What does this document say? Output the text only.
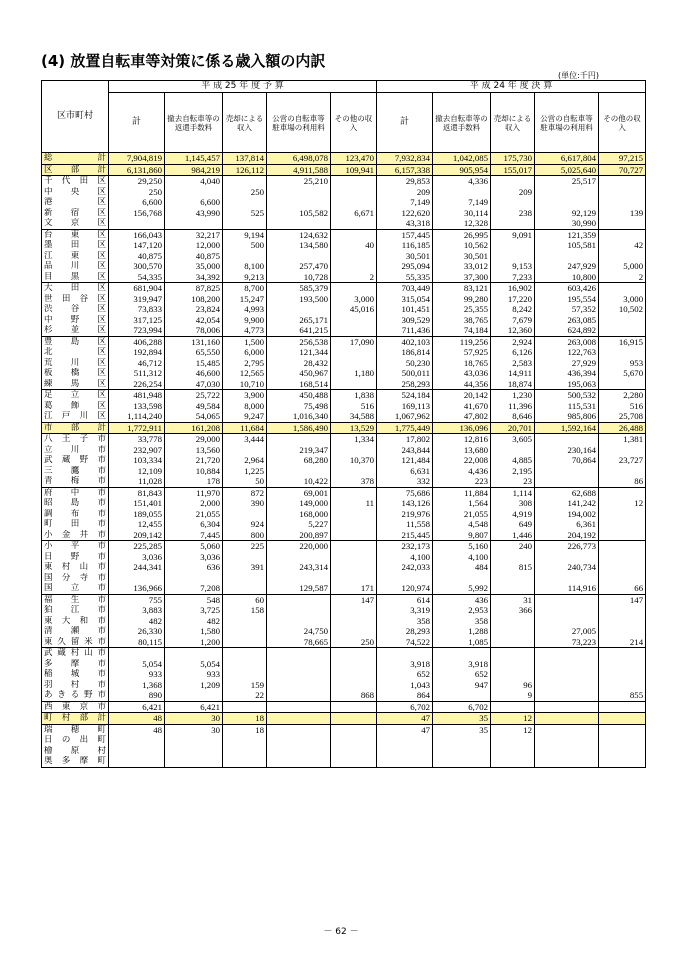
(4) 放置自転車等対策に係る歳入額の内訳
(単位:千円)
区市町村	平 成 25 年 度 予 算					平 成 24 年 度 決 算				
	計	撤去自転車等の返還手数料	売却による収入	公営の自転車等駐車場の利用料	その他の収入	計	撤去自転車等の返還手数料	売却による収入	公営の自転車等駐車場の利用料	その他の収入
総 計	7,904,819	1,145,457	137,814	6,498,078	123,470	7,932,834	1,042,085	175,730	6,617,804	97,215
区 部 計	6,131,860	984,219	126,112	4,911,588	109,941	6,157,338	905,954	155,017	5,025,640	70,727
千 代 田 区	29,250	4,040		25,210		29,853	4,336		25,517	
中 央 区	250		250			209		209		
港 区	6,600	6,600				7,149	7,149			
新 宿 区	156,768	43,990	525	105,582	6,671	122,620	30,114	238	92,129	139
文 京 区						43,318	12,328		30,990	
台 東 区	166,043	32,217	9,194	124,632		157,445	26,995	9,091	121,359	
墨 田 区	147,120	12,000	500	134,580	40	116,185	10,562		105,581	42
江 東 区	40,875	40,875				30,501	30,501			
品 川 区	300,570	35,000	8,100	257,470		295,094	33,012	9,153	247,929	5,000
目 黒 区	54,335	34,392	9,213	10,728	2	55,335	37,300	7,233	10,800	2
大 田 区	681,904	87,825	8,700	585,379		703,449	83,121	16,902	603,426	
世 田 谷 区	319,947	108,200	15,247	193,500	3,000	315,054	99,280	17,220	195,554	3,000
渋 谷 区	73,833	23,824	4,993		45,016	101,451	25,355	8,242	57,352	10,502
中 野 区	317,125	42,054	9,900	265,171		309,529	38,765	7,679	263,085	
杉 並 区	723,994	78,006	4,773	641,215		711,436	74,184	12,360	624,892	
豊 島 区	406,288	131,160	1,500	256,538	17,090	402,103	119,256	2,924	263,008	16,915
北 区	192,894	65,550	6,000	121,344		186,814	57,925	6,126	122,763	
荒 川 区	46,712	15,485	2,795	28,432		50,230	18,765	2,583	27,929	953
板 橋 区	511,312	46,600	12,565	450,967	1,180	500,011	43,036	14,911	436,394	5,670
練 馬 区	226,254	47,030	10,710	168,514		258,293	44,356	18,874	195,063	
足 立 区	481,948	25,722	3,900	450,488	1,838	524,184	20,142	1,230	500,532	2,280
葛 飾 区	133,598	49,584	8,000	75,498	516	169,113	41,670	11,396	115,531	516
江 戸 川 区	1,114,240	54,065	9,247	1,016,340	34,588	1,067,962	47,802	8,646	985,806	25,708
市 部 計	1,772,911	161,208	11,684	1,586,490	13,529	1,775,449	136,096	20,701	1,592,164	26,488
八 王 子 市	33,778	29,000	3,444		1,334	17,802	12,816	3,605		1,381
立 川 市	232,907	13,560		219,347		243,844	13,680		230,164	
武 蔵 野 市	103,334	21,720	2,964	68,280	10,370	121,484	22,008	4,885	70,864	23,727
三 鷹 市	12,109	10,884	1,225			6,631	4,436	2,195		
青 梅 市	11,028	178	50	10,422	378	332	223	23		86
府 中 市	81,843	11,970	872	69,001		75,686	11,884	1,114	62,688	
昭 島 市	151,401	2,000	390	149,000	11	143,126	1,564	308	141,242	12
調 布 市	189,055	21,055		168,000		219,976	21,055	4,919	194,002	
町 田 市	12,455	6,304	924	5,227		11,558	4,548	649	6,361	
小 金 井 市	209,142	7,445	800	200,897		215,445	9,807	1,446	204,192	
小 平 市	225,285	5,060	225	220,000		232,173	5,160	240	226,773	
日 野 市	3,036	3,036				4,100	4,100			
東 村 山 市	244,341	636	391	243,314		242,033	484	815	240,734	
国 分 寺 市										
国 立 市	136,966	7,208		129,587	171	120,974	5,992		114,916	66
福 生 市	755	548	60		147	614	436	31		147
狛 江 市	3,883	3,725	158			3,319	2,953	366		
東 大 和 市	482	482				358	358			
清 瀬 市	26,330	1,580		24,750		28,293	1,288		27,005	
東久留米市	80,115	1,200		78,665	250	74,522	1,085		73,223	214
武蔵村山市										
多 摩 市	5,054	5,054				3,918	3,918			
稲 城 市	933	933				652	652			
羽 村 市	1,368	1,209	159			1,043	947	96		
あきる野市	890		22		868	864		9		855
西 東 京 市	6,421	6,421				6,702	6,702			
町 村 部 計	48	30	18			47	35	12		
瑞 穂 町	48	30	18			47	35	12		
日 の 出 町										
檜 原 村										
奥 多 摩 町										
－ 62 －
